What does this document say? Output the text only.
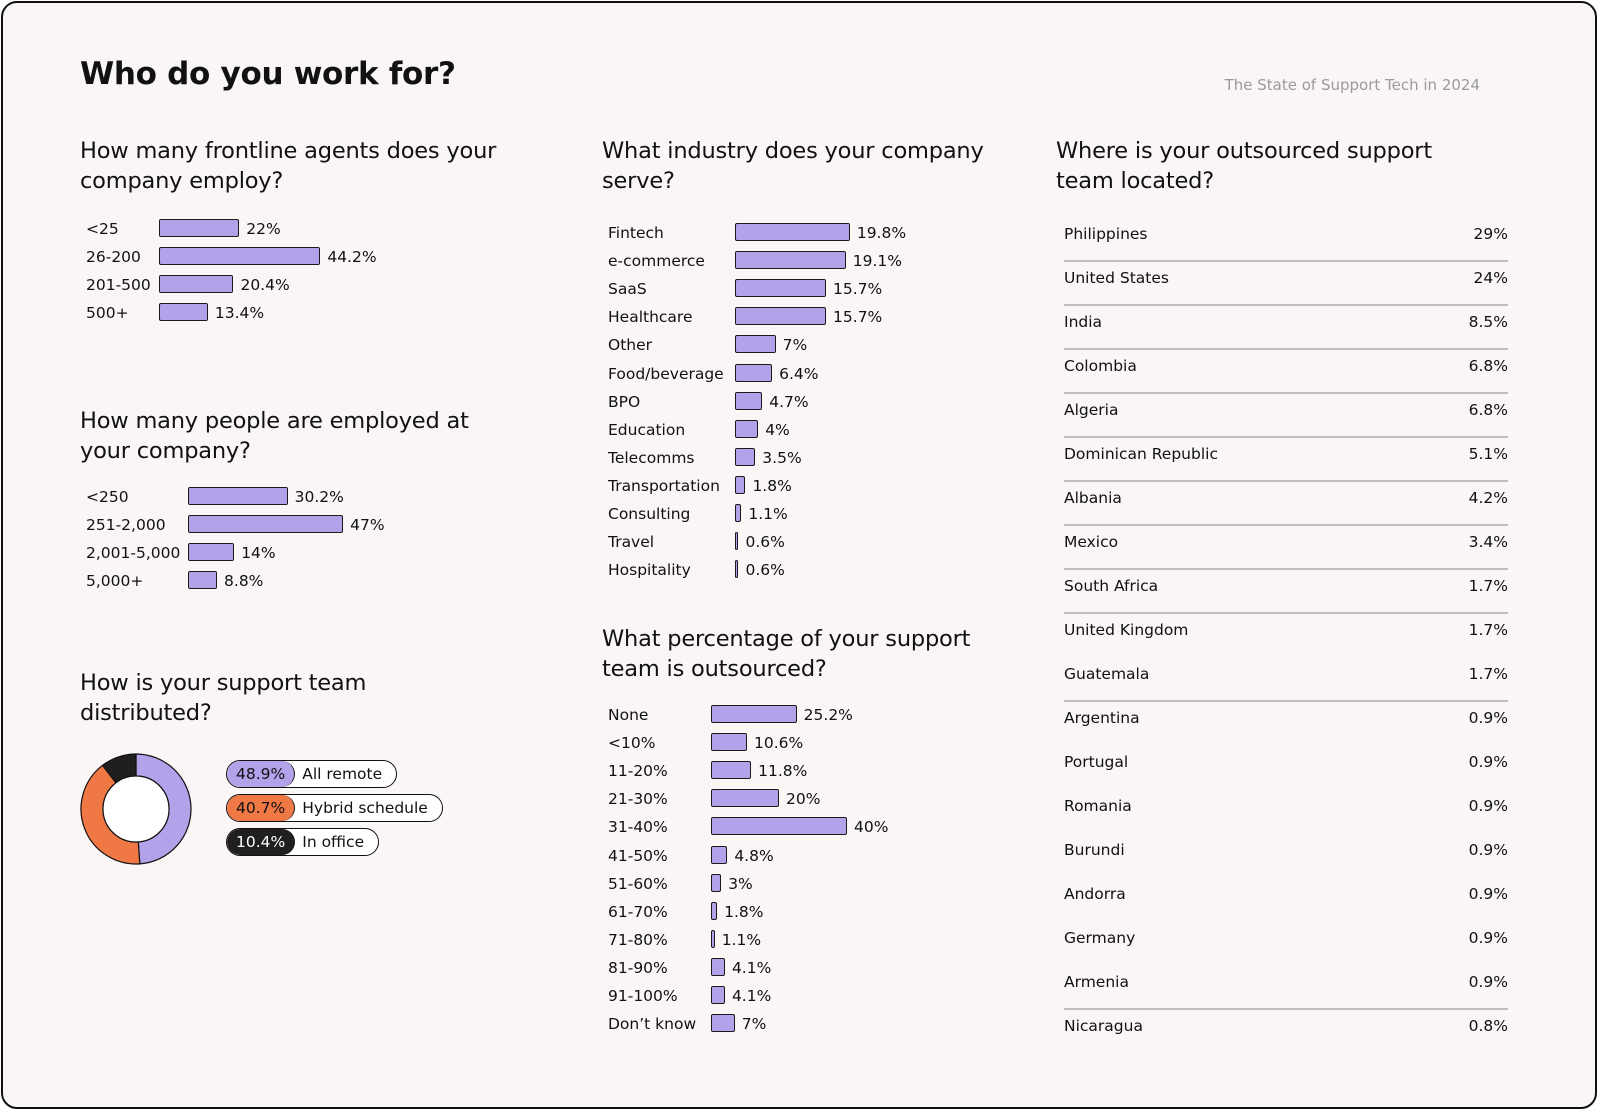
Who do you work for?	The State of Support Tech in 2024
How many frontline agents does your company employ?
<25	22%
26-200	44.2%
201-500	20.4%
500+	13.4%
How many people are employed at your company?
<250	30.2%
251-2,000	47%
2,001-5,000	14%
5,000+	8.8%
How is your support team distributed?
48.9%	All remote
40.7%	Hybrid schedule
10.4%	In office
What industry does your company serve?
Fintech	19.8%
e-commerce	19.1%
SaaS	15.7%
Healthcare	15.7%
Other	7%
Food/beverage	6.4%
BPO	4.7%
Education	4%
Telecomms	3.5%
Transportation 1.8%
Consulting	1.1%
Travel	0.6%
Hospitality	0.6%
What percentage of your support team is outsourced?
None	25.2%
<10%	10.6%
11-20%	11.8%
21-30%	20%
31-40%	40%
41-50%	4.8%
51-60%	3%
61-70%	1.8%
71-80%	1.1%
81-90%	4.1%
91-100%	4.1%
Don’t know	7%
Where is your outsourced support team located?
Philippines	29%
United States	24%
India	8.5%
Colombia	6.8%
Algeria	6.8%
Dominican Republic	5.1%
Albania	4.2%
Mexico	3.4%
South Africa	1.7%
United Kingdom	1.7%
Guatemala	1.7%
Argentina	0.9%
Portugal	0.9%
Romania	0.9%
Burundi	0.9%
Andorra	0.9%
Germany	0.9%
Armenia	0.9%
Nicaragua	0.8%
